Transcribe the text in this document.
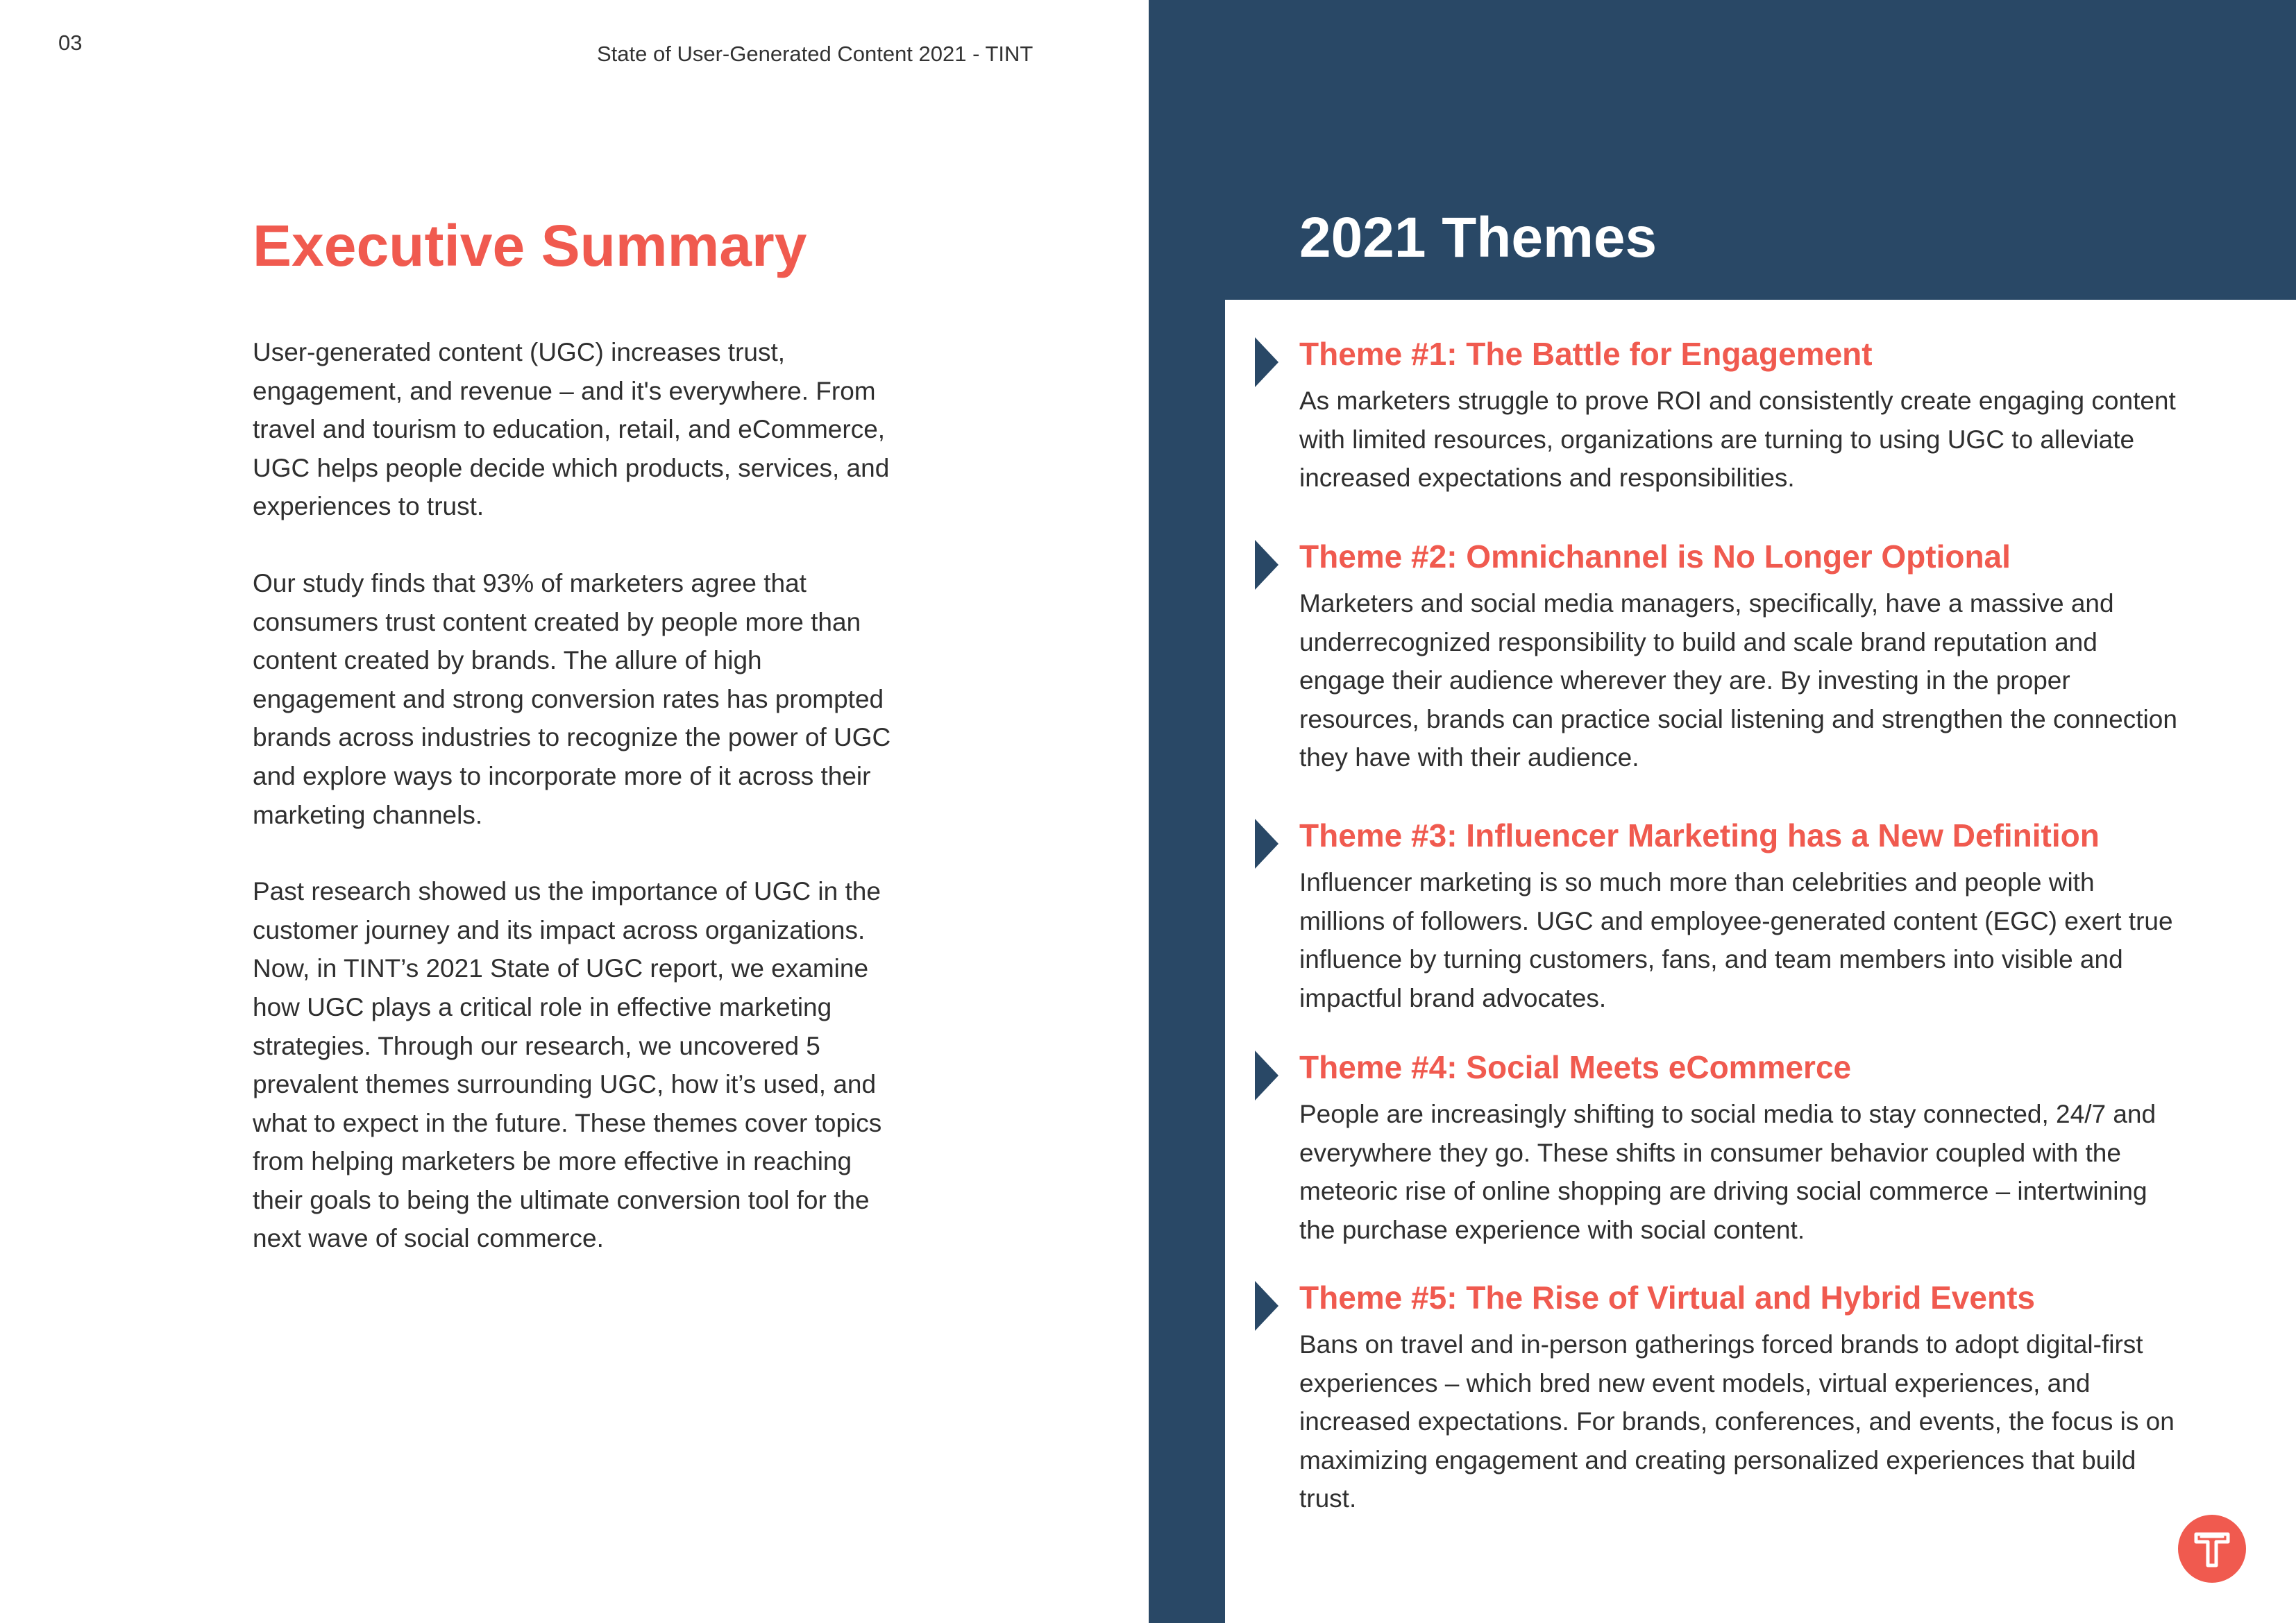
03	State of User-Generated Content 2021 - TINT
Executive Summary

User-generated content (UGC) increases trust, engagement, and revenue – and it's everywhere. From travel and tourism to education, retail, and eCommerce, UGC helps people decide which products, services, and experiences to trust.

Our study finds that 93% of marketers agree that consumers trust content created by people more than content created by brands. The allure of high engagement and strong conversion rates has prompted brands across industries to recognize the power of UGC and explore ways to incorporate more of it across their marketing channels.

Past research showed us the importance of UGC in the customer journey and its impact across organizations. Now, in TINT’s 2021 State of UGC report, we examine how UGC plays a critical role in effective marketing strategies. Through our research, we uncovered 5 prevalent themes surrounding UGC, how it’s used, and what to expect in the future. These themes cover topics from helping marketers be more effective in reaching their goals to being the ultimate conversion tool for the next wave of social commerce.

2021 Themes
Theme #1: The Battle for Engagement

As marketers struggle to prove ROI and consistently create engaging content with limited resources, organizations are turning to using UGC to alleviate increased expectations and responsibilities.

Theme #2: Omnichannel is No Longer Optional

Marketers and social media managers, specifically, have a massive and underrecognized responsibility to build and scale brand reputation and engage their audience wherever they are. By investing in the proper resources, brands can practice social listening and strengthen the connection they have with their audience.

Theme #3: Influencer Marketing has a New Definition

Influencer marketing is so much more than celebrities and people with millions of followers. UGC and employee-generated content (EGC) exert true influence by turning customers, fans, and team members into visible and impactful brand advocates.

Theme #4: Social Meets eCommerce

People are increasingly shifting to social media to stay connected, 24/7 and everywhere they go. These shifts in consumer behavior coupled with the meteoric rise of online shopping are driving social commerce – intertwining the purchase experience with social content.

Theme #5: The Rise of Virtual and Hybrid Events

Bans on travel and in-person gatherings forced brands to adopt digital-first experiences – which bred new event models, virtual experiences, and increased expectations. For brands, conferences, and events, the focus is on maximizing engagement and creating personalized experiences that build trust.
